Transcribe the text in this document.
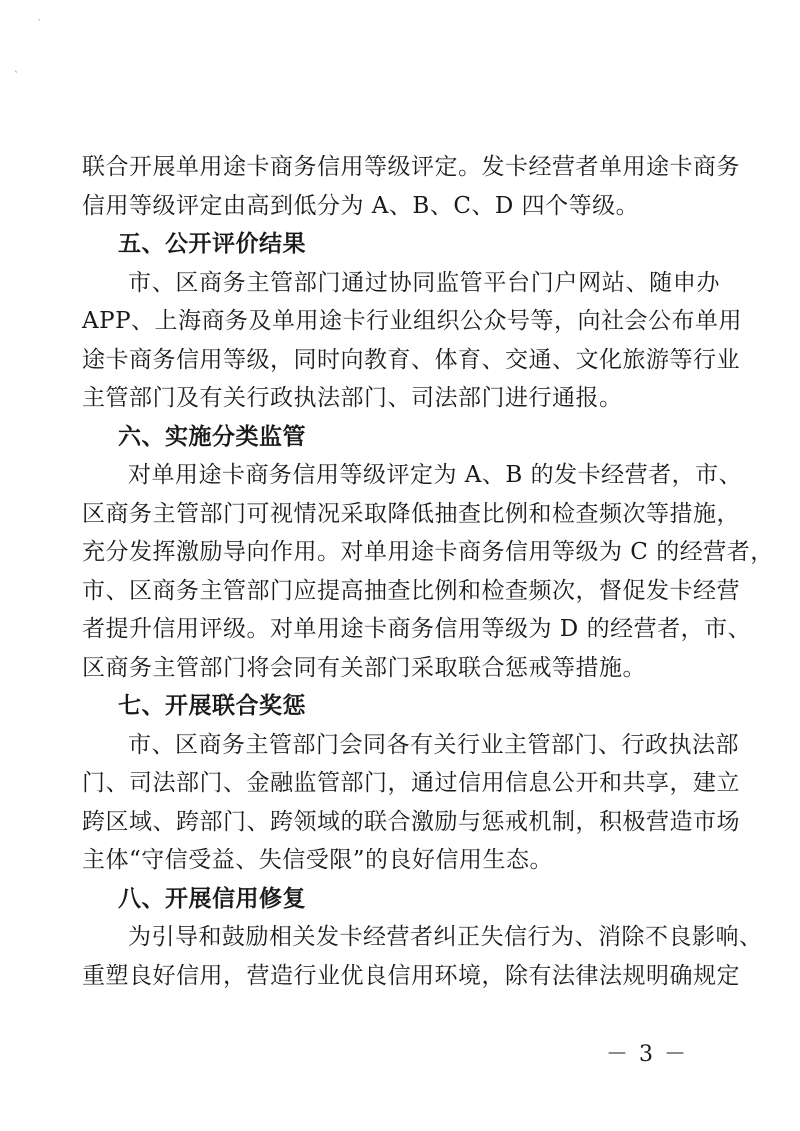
′
ˎ
联合开展单用途卡商务信用等级评定。发卡经营者单用途卡商务
信用等级评定由高到低分为 A、B、C、D 四个等级。
五、公开评价结果
市、区商务主管部门通过协同监管平台门户网站、随申办
APP、上海商务及单用途卡行业组织公众号等，向社会公布单用
途卡商务信用等级，同时向教育、体育、交通、文化旅游等行业
主管部门及有关行政执法部门、司法部门进行通报。
六、实施分类监管
对单用途卡商务信用等级评定为 A、B 的发卡经营者，市、
区商务主管部门可视情况采取降低抽查比例和检查频次等措施，
充分发挥激励导向作用。对单用途卡商务信用等级为 C 的经营者，
市、区商务主管部门应提高抽查比例和检查频次，督促发卡经营
者提升信用评级。对单用途卡商务信用等级为 D 的经营者，市、
区商务主管部门将会同有关部门采取联合惩戒等措施。
七、开展联合奖惩
市、区商务主管部门会同各有关行业主管部门、行政执法部
门、司法部门、金融监管部门，通过信用信息公开和共享，建立
跨区域、跨部门、跨领域的联合激励与惩戒机制，积极营造市场
主体“守信受益、失信受限”的良好信用生态。
八、开展信用修复
为引导和鼓励相关发卡经营者纠正失信行为、消除不良影响、
重塑良好信用，营造行业优良信用环境，除有法律法规明确规定
－ 3 －
